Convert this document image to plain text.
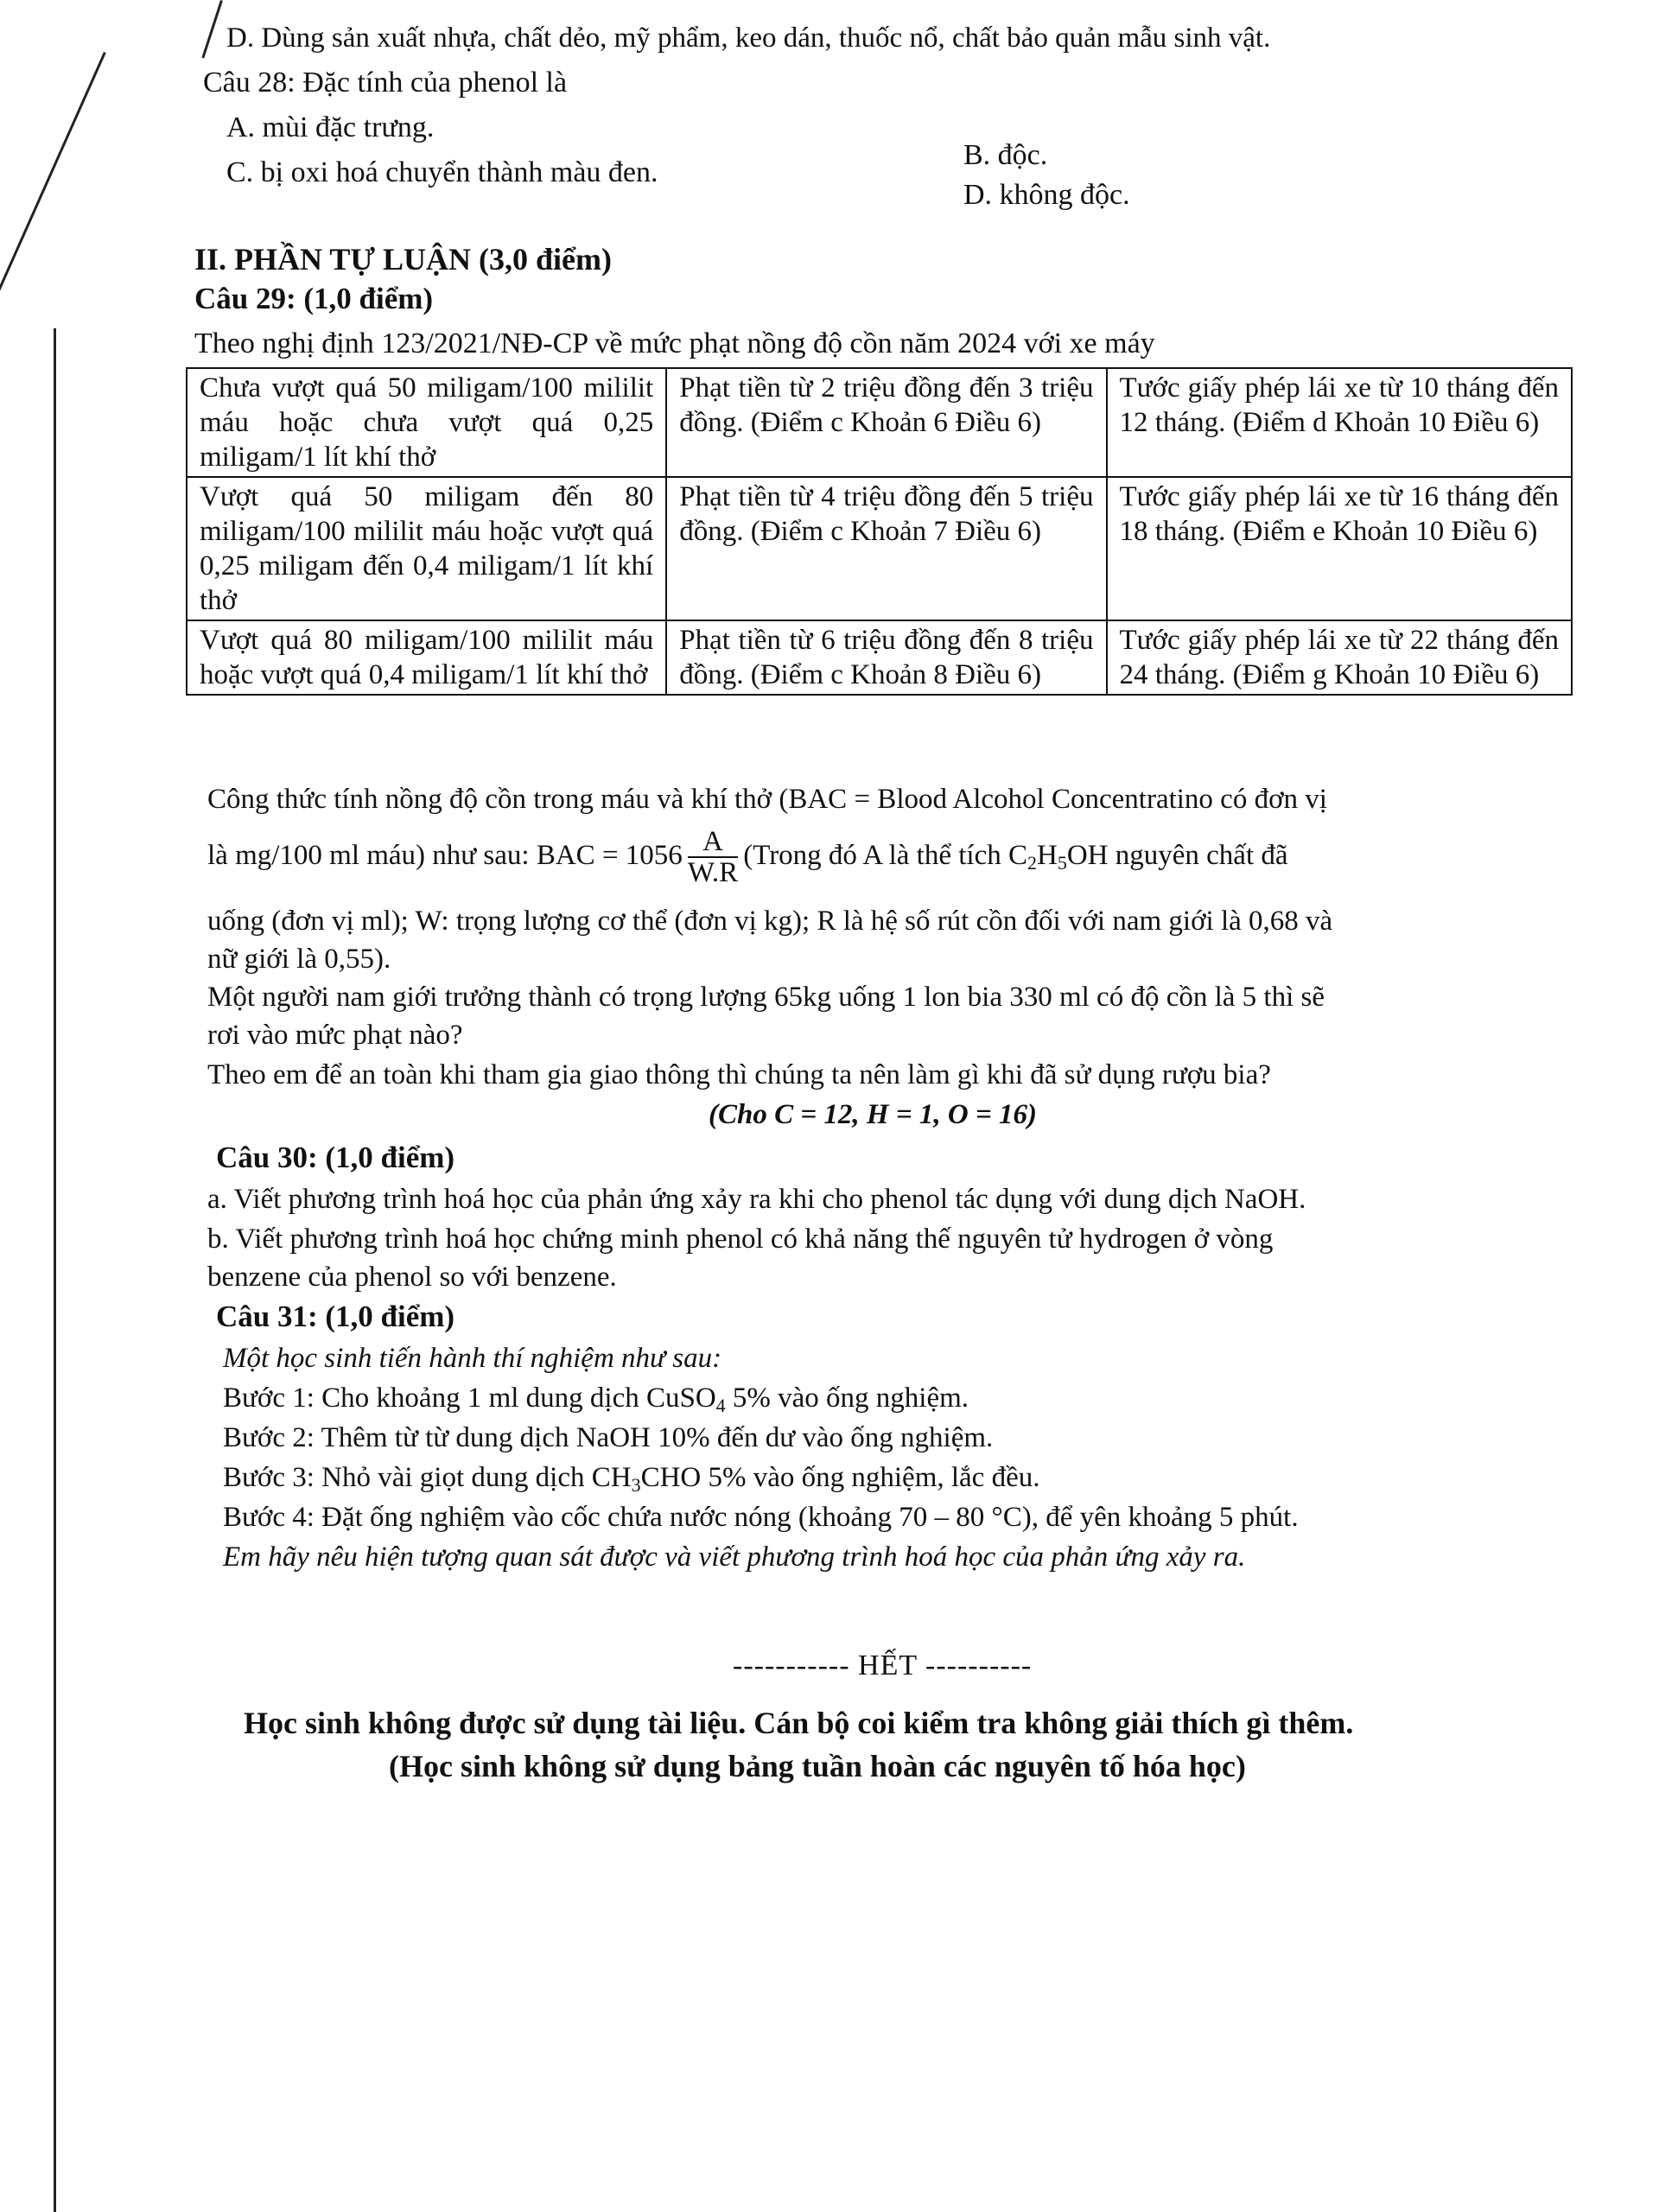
D. Dùng sản xuất nhựa, chất dẻo, mỹ phẩm, keo dán, thuốc nổ, chất bảo quản mẫu sinh vật.
Câu 28: Đặc tính của phenol là
A. mùi đặc trưng.
B. độc.
C. bị oxi hoá chuyển thành màu đen.
D. không độc.
II. PHẦN TỰ LUẬN (3,0 điểm)
Câu 29: (1,0 điểm)
Theo nghị định 123/2021/NĐ-CP về mức phạt nồng độ cồn năm 2024 với xe máy
Chưa vượt quá 50 miligam/100 mililit máu hoặc chưa vượt quá 0,25 miligam/1 lít khí thở	Phạt tiền từ 2 triệu đồng đến 3 triệu đồng. (Điểm c Khoản 6 Điều 6)	Tước giấy phép lái xe từ 10 tháng đến 12 tháng. (Điểm d Khoản 10 Điều 6)
Vượt quá 50 miligam đến 80 miligam/100 mililit máu hoặc vượt quá 0,25 miligam đến 0,4 miligam/1 lít khí thở	Phạt tiền từ 4 triệu đồng đến 5 triệu đồng. (Điểm c Khoản 7 Điều 6)	Tước giấy phép lái xe từ 16 tháng đến 18 tháng. (Điểm e Khoản 10 Điều 6)
Vượt quá 80 miligam/100 mililit máu hoặc vượt quá 0,4 miligam/1 lít khí thở	Phạt tiền từ 6 triệu đồng đến 8 triệu đồng. (Điểm c Khoản 8 Điều 6)	Tước giấy phép lái xe từ 22 tháng đến 24 tháng. (Điểm g Khoản 10 Điều 6)
Công thức tính nồng độ cồn trong máu và khí thở (BAC = Blood Alcohol Concentratino có đơn vị
là mg/100 ml máu) như sau: BAC = $1056 \frac{A}{W.R}$ (Trong đó A là thể tích $C_2H_5OH$ nguyên chất đã
uống (đơn vị ml); W: trọng lượng cơ thể (đơn vị kg); R là hệ số rút cồn đối với nam giới là 0,68 và
nữ giới là 0,55).
Một người nam giới trưởng thành có trọng lượng 65kg uống 1 lon bia 330 ml có độ cồn là 5 thì sẽ
rơi vào mức phạt nào?
Theo em để an toàn khi tham gia giao thông thì chúng ta nên làm gì khi đã sử dụng rượu bia?
(Cho C = 12, H = 1, O = 16)
Câu 30: (1,0 điểm)
a. Viết phương trình hoá học của phản ứng xảy ra khi cho phenol tác dụng với dung dịch NaOH.
b. Viết phương trình hoá học chứng minh phenol có khả năng thế nguyên tử hydrogen ở vòng
benzene của phenol so với benzene.
Câu 31: (1,0 điểm)
Một học sinh tiến hành thí nghiệm như sau:
Bước 1: Cho khoảng 1 ml dung dịch CuSO$_4$ 5% vào ống nghiệm.
Bước 2: Thêm từ từ dung dịch NaOH 10% đến dư vào ống nghiệm.
Bước 3: Nhỏ vài giọt dung dịch $CH_3CHO$ 5% vào ống nghiệm, lắc đều.
Bước 4: Đặt ống nghiệm vào cốc chứa nước nóng (khoảng 70 – 80 °C), để yên khoảng 5 phút.
Em hãy nêu hiện tượng quan sát được và viết phương trình hoá học của phản ứng xảy ra.
----------- HẾT ----------
Học sinh không được sử dụng tài liệu. Cán bộ coi kiểm tra không giải thích gì thêm.
(Học sinh không sử dụng bảng tuần hoàn các nguyên tố hóa học)
